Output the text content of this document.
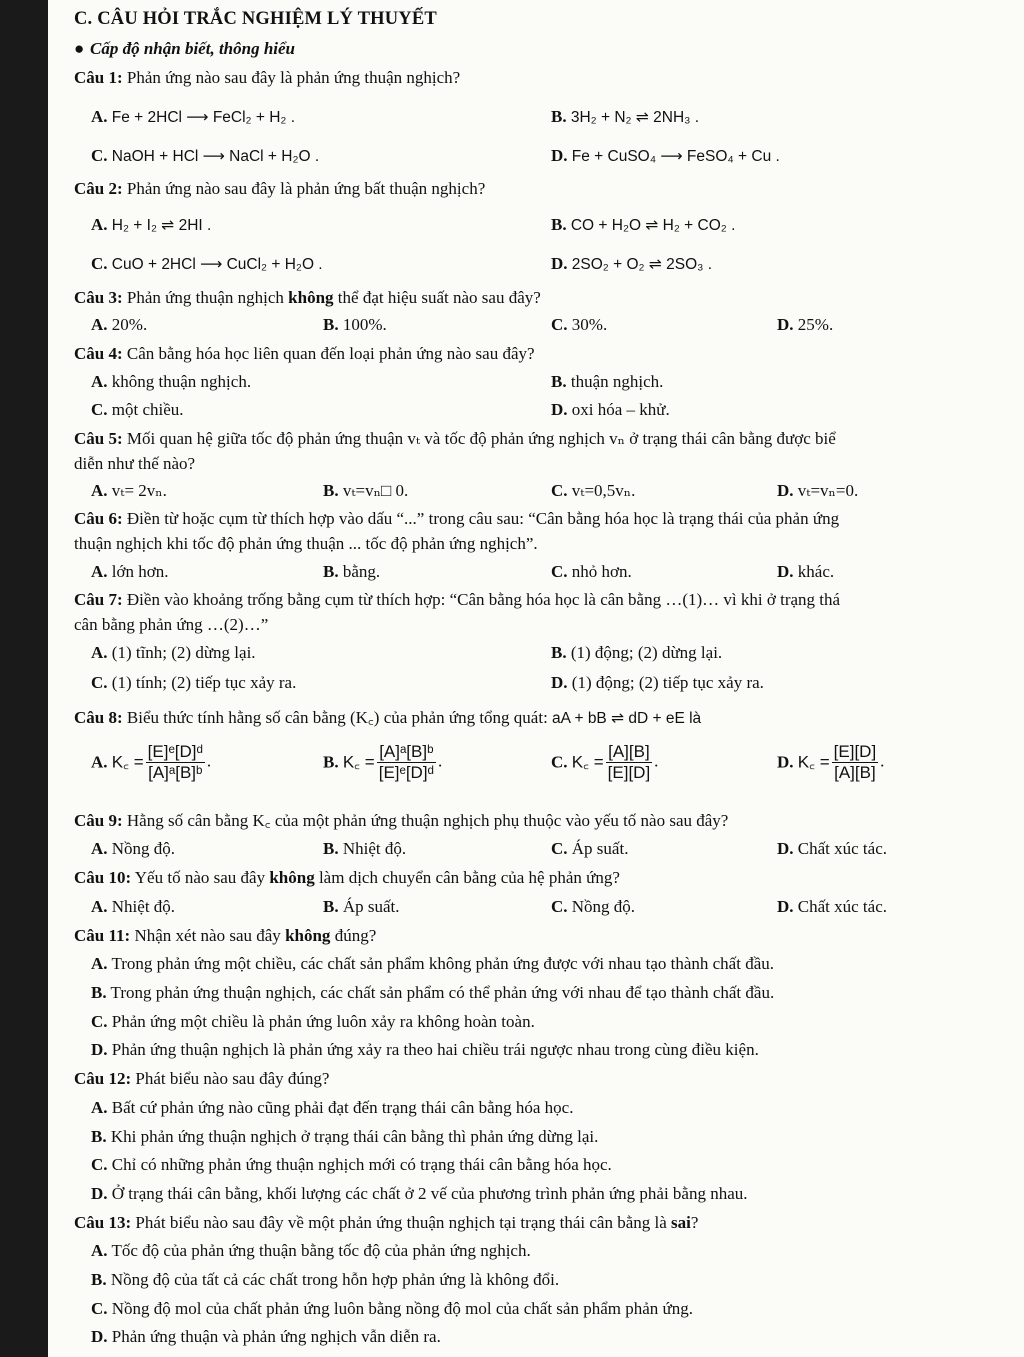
C. CÂU HỎI TRẮC NGHIỆM LÝ THUYẾT
● Cấp độ nhận biết, thông hiểu
Câu 1: Phản ứng nào sau đây là phản ứng thuận nghịch?
A. Fe + 2HCl ⟶ FeCl₂ + H₂ .	B. 3H₂ + N₂ ⇌ 2NH₃ .
C. NaOH + HCl ⟶ NaCl + H₂O .	D. Fe + CuSO₄ ⟶ FeSO₄ + Cu .
Câu 2: Phản ứng nào sau đây là phản ứng bất thuận nghịch?
A. H₂ + I₂ ⇌ 2HI .	B. CO + H₂O ⇌ H₂ + CO₂ .
C. CuO + 2HCl ⟶ CuCl₂ + H₂O .	D. 2SO₂ + O₂ ⇌ 2SO₃ .
Câu 3: Phản ứng thuận nghịch không thể đạt hiệu suất nào sau đây?
A. 20%.	B. 100%.	C. 30%.	D. 25%.
Câu 4: Cân bằng hóa học liên quan đến loại phản ứng nào sau đây?
A. không thuận nghịch.	B. thuận nghịch.
C. một chiều.	D. oxi hóa – khử.
Câu 5: Mối quan hệ giữa tốc độ phản ứng thuận vₜ và tốc độ phản ứng nghịch vₙ ở trạng thái cân bằng được biể
diễn như thế nào?
A. vₜ= 2vₙ.	B. vₜ=vₙ□ 0.	C. vₜ=0,5vₙ.	D. vₜ=vₙ=0.
Câu 6: Điền từ hoặc cụm từ thích hợp vào dấu “...” trong câu sau: “Cân bằng hóa học là trạng thái của phản ứng
thuận nghịch khi tốc độ phản ứng thuận ... tốc độ phản ứng nghịch”.
A. lớn hơn.	B. bằng.	C. nhỏ hơn.	D. khác.
Câu 7: Điền vào khoảng trống bằng cụm từ thích hợp: “Cân bằng hóa học là cân bằng …(1)… vì khi ở trạng thá
cân bằng phản ứng …(2)…”
A. (1) tĩnh; (2) dừng lại.	B. (1) động; (2) dừng lại.
C. (1) tính; (2) tiếp tục xảy ra.	D. (1) động; (2) tiếp tục xảy ra.
Câu 8: Biểu thức tính hằng số cân bằng (K꜀) của phản ứng tổng quát: aA + bB ⇌ dD + eE là
A. K꜀ = $\frac{\text{[E]ᵉ[D]ᵈ}}{\text{[A]ᵃ[B]ᵇ}}$ .	B. K꜀ = $\frac{\text{[A]ᵃ[B]ᵇ}}{\text{[E]ᵉ[D]ᵈ}}$ .	C. K꜀ = $\frac{[A][B]}{[E][D]}$ .	D. K꜀ = $\frac{[E][D]}{[A][B]}$ .
Câu 9: Hằng số cân bằng K꜀ của một phản ứng thuận nghịch phụ thuộc vào yếu tố nào sau đây?
A. Nồng độ.	B. Nhiệt độ.	C. Áp suất.	D. Chất xúc tác.
Câu 10: Yếu tố nào sau đây không làm dịch chuyển cân bằng của hệ phản ứng?
A. Nhiệt độ.	B. Áp suất.	C. Nồng độ.	D. Chất xúc tác.
Câu 11: Nhận xét nào sau đây không đúng?
A. Trong phản ứng một chiều, các chất sản phẩm không phản ứng được với nhau tạo thành chất đầu.
B. Trong phản ứng thuận nghịch, các chất sản phẩm có thể phản ứng với nhau để tạo thành chất đầu.
C. Phản ứng một chiều là phản ứng luôn xảy ra không hoàn toàn.
D. Phản ứng thuận nghịch là phản ứng xảy ra theo hai chiều trái ngược nhau trong cùng điều kiện.
Câu 12: Phát biểu nào sau đây đúng?
A. Bất cứ phản ứng nào cũng phải đạt đến trạng thái cân bằng hóa học.
B. Khi phản ứng thuận nghịch ở trạng thái cân bằng thì phản ứng dừng lại.
C. Chỉ có những phản ứng thuận nghịch mới có trạng thái cân bằng hóa học.
D. Ở trạng thái cân bằng, khối lượng các chất ở 2 vế của phương trình phản ứng phải bằng nhau.
Câu 13: Phát biểu nào sau đây về một phản ứng thuận nghịch tại trạng thái cân bằng là sai?
A. Tốc độ của phản ứng thuận bằng tốc độ của phản ứng nghịch.
B. Nồng độ của tất cả các chất trong hỗn hợp phản ứng là không đổi.
C. Nồng độ mol của chất phản ứng luôn bằng nồng độ mol của chất sản phẩm phản ứng.
D. Phản ứng thuận và phản ứng nghịch vẫn diễn ra.
